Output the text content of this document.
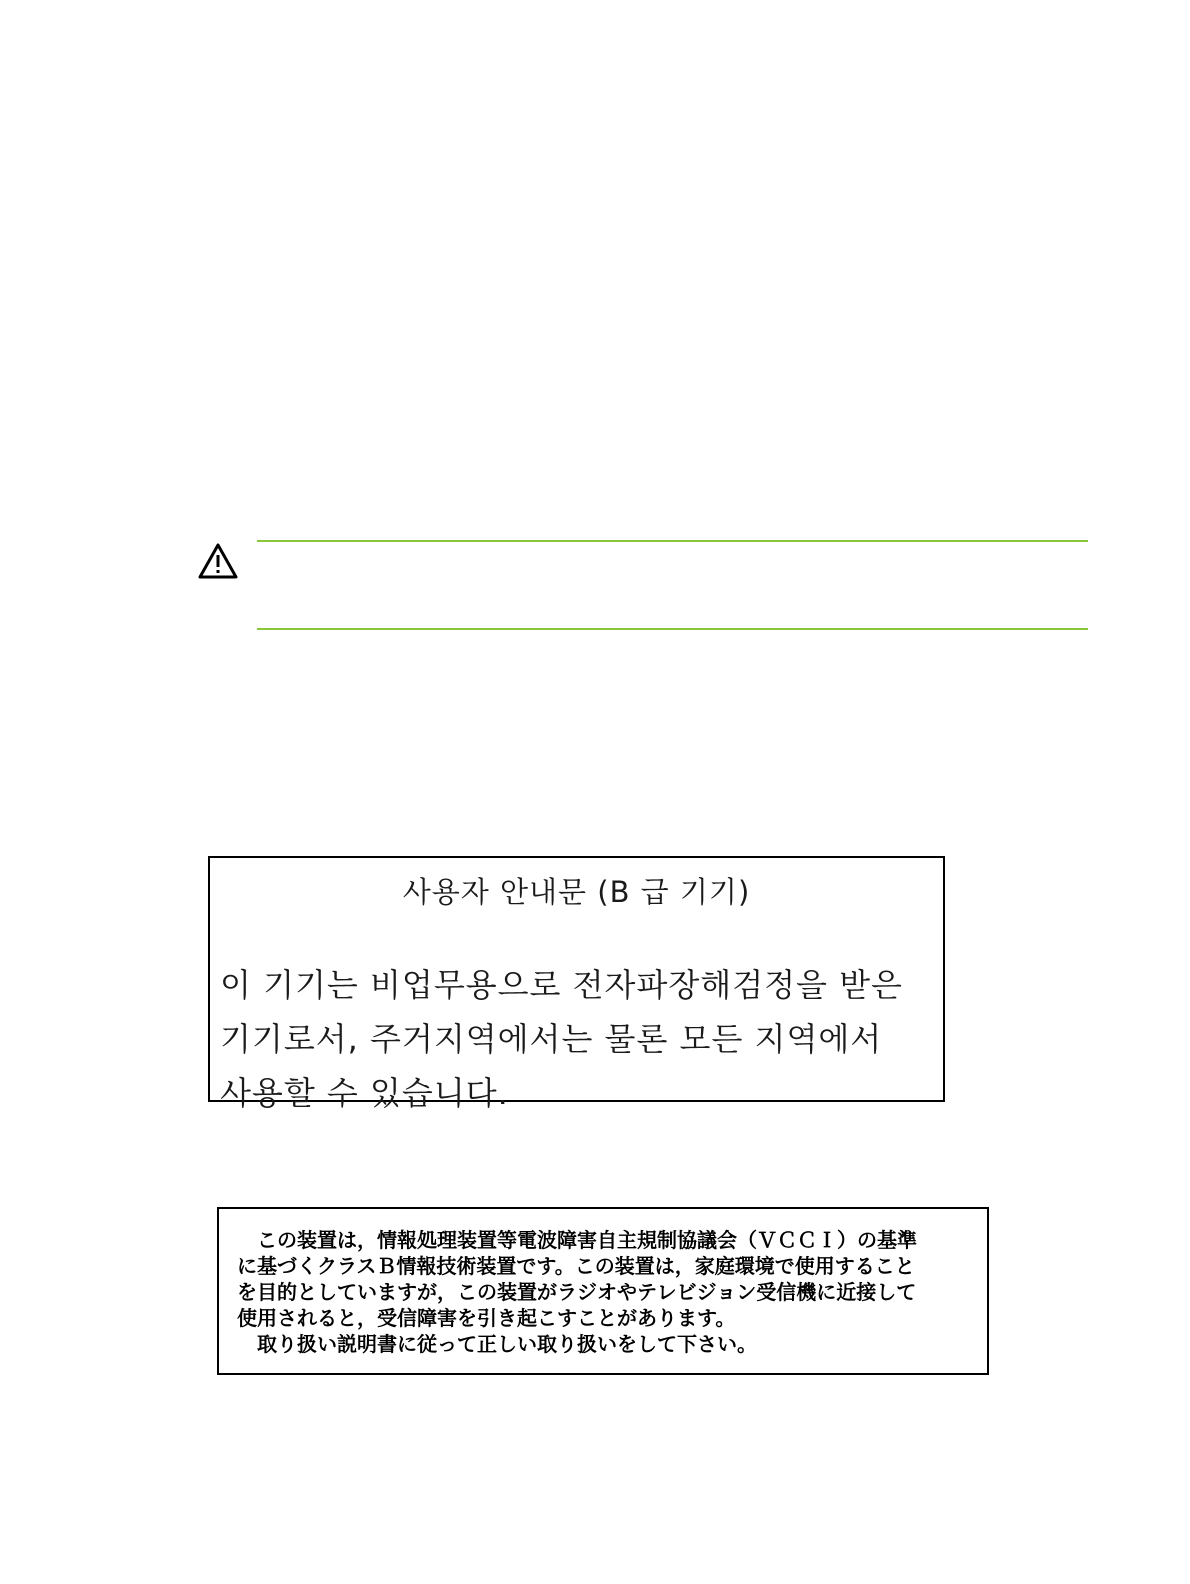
사용자 안내문 (B 급 기기)
이 기기는 비업무용으로 전자파장해검정을 받은
기기로서, 주거지역에서는 물론 모든 지역에서
사용할 수 있습니다.
　この装置は，情報処理装置等電波障害自主規制協議会（ＶＣＣＩ）の基準
に基づくクラスＢ情報技術装置です。この装置は，家庭環境で使用すること
を目的としていますが，この装置がラジオやテレビジョン受信機に近接して
使用されると，受信障害を引き起こすことがあります。
　取り扱い説明書に従って正しい取り扱いをして下さい。
